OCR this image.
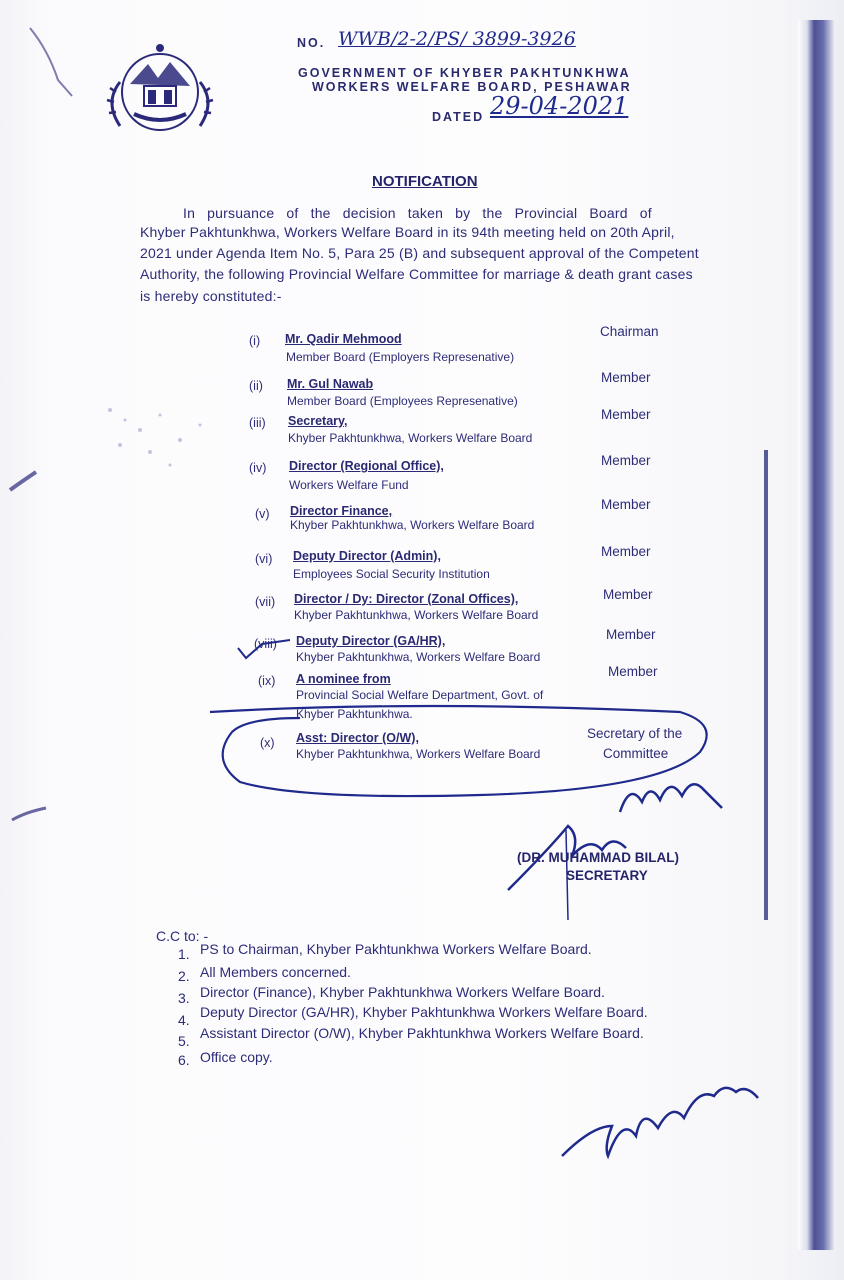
NO. WWB/2-2/PS/ 3899-3926
GOVERNMENT OF KHYBER PAKHTUNKHWA
WORKERS WELFARE BOARD, PESHAWAR
DATED 29-04-2021
NOTIFICATION
In pursuance of the decision taken by the Provincial Board of
Khyber Pakhtunkhwa, Workers Welfare Board in its 94th meeting held on 20th April,
2021 under Agenda Item No. 5, Para 25 (B) and subsequent approval of the Competent
Authority, the following Provincial Welfare Committee for marriage & death grant cases
is hereby constituted:-
(i) Mr. Qadir Mehmood
Member Board (Employers Represenative)
Chairman
(ii) Mr. Gul Nawab
Member Board (Employees Represenative)
Member
(iii) Secretary,
Khyber Pakhtunkhwa, Workers Welfare Board
Member
(iv) Director (Regional Office),
Workers Welfare Fund
Member
(v) Director Finance,
Khyber Pakhtunkhwa, Workers Welfare Board
Member
(vi) Deputy Director (Admin),
Employees Social Security Institution
Member
(vii) Director / Dy: Director (Zonal Offices),
Khyber Pakhtunkhwa, Workers Welfare Board
Member
(viii) Deputy Director (GA/HR),
Khyber Pakhtunkhwa, Workers Welfare Board
Member
(ix) A nominee from
Provincial Social Welfare Department, Govt. of
Khyber Pakhtunkhwa.
Member
(x) Asst: Director (O/W),
Khyber Pakhtunkhwa, Workers Welfare Board
Secretary of the
Committee
(DR. MUHAMMAD BILAL)
SECRETARY
C.C to: -
1. PS to Chairman, Khyber Pakhtunkhwa Workers Welfare Board.
2. All Members concerned.
3. Director (Finance), Khyber Pakhtunkhwa Workers Welfare Board.
4. Deputy Director (GA/HR), Khyber Pakhtunkhwa Workers Welfare Board.
5. Assistant Director (O/W), Khyber Pakhtunkhwa Workers Welfare Board.
6. Office copy.
